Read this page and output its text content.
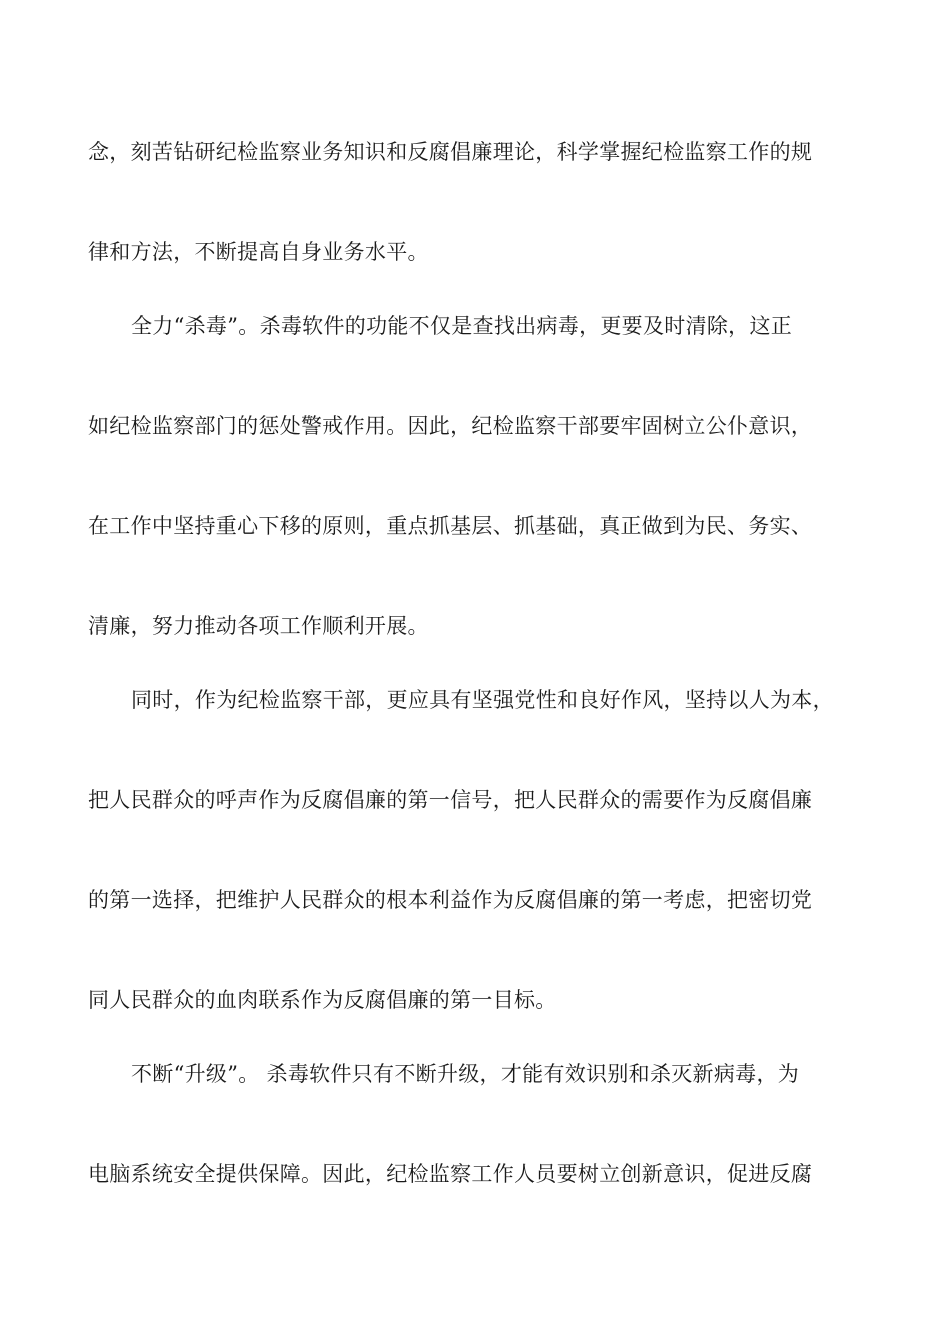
念，刻苦钻研纪检监察业务知识和反腐倡廉理论，科学掌握纪检监察工作的规
律和方法，不断提高自身业务水平。
全力“杀毒”。杀毒软件的功能不仅是查找出病毒，更要及时清除，这正
如纪检监察部门的惩处警戒作用。因此，纪检监察干部要牢固树立公仆意识，
在工作中坚持重心下移的原则，重点抓基层、抓基础，真正做到为民、务实、
清廉，努力推动各项工作顺利开展。
同时，作为纪检监察干部，更应具有坚强党性和良好作风，坚持以人为本，
把人民群众的呼声作为反腐倡廉的第一信号，把人民群众的需要作为反腐倡廉
的第一选择，把维护人民群众的根本利益作为反腐倡廉的第一考虑，把密切党
同人民群众的血肉联系作为反腐倡廉的第一目标。
不断“升级”。 杀毒软件只有不断升级，才能有效识别和杀灭新病毒，为
电脑系统安全提供保障。因此，纪检监察工作人员要树立创新意识，促进反腐
